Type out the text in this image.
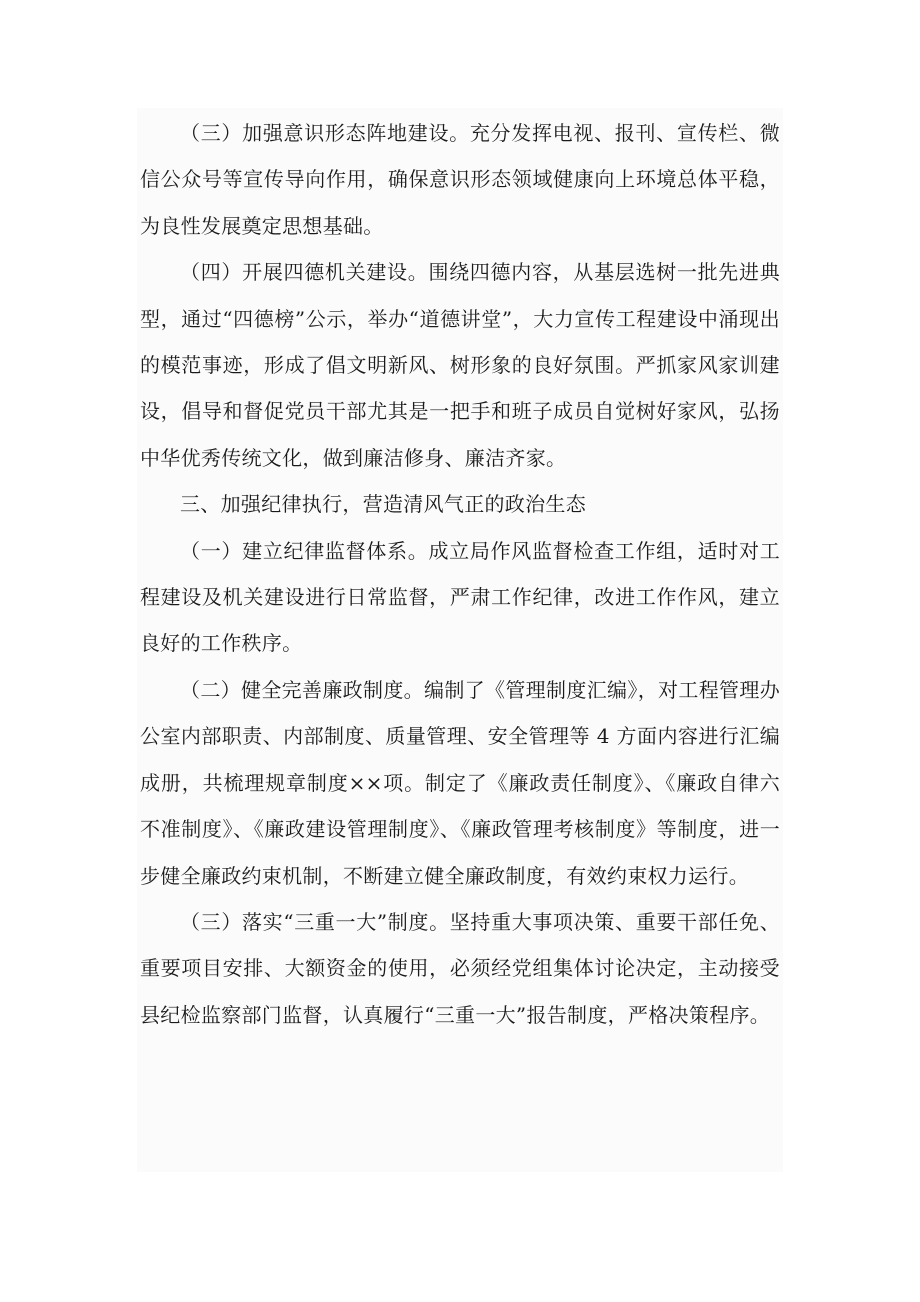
（三）加强意识形态阵地建设。充分发挥电视、报刊、宣传栏、微信公众号等宣传导向作用，确保意识形态领域健康向上环境总体平稳，为良性发展奠定思想基础。

（四）开展四德机关建设。围绕四德内容，从基层选树一批先进典型，通过“四德榜”公示，举办“道德讲堂”，大力宣传工程建设中涌现出的模范事迹，形成了倡文明新风、树形象的良好氛围。严抓家风家训建设，倡导和督促党员干部尤其是一把手和班子成员自觉树好家风，弘扬中华优秀传统文化，做到廉洁修身、廉洁齐家。

三、加强纪律执行，营造清风气正的政治生态

（一）建立纪律监督体系。成立局作风监督检查工作组，适时对工程建设及机关建设进行日常监督，严肃工作纪律，改进工作作风，建立良好的工作秩序。

（二）健全完善廉政制度。编制了《管理制度汇编》，对工程管理办公室内部职责、内部制度、质量管理、安全管理等 4 方面内容进行汇编成册，共梳理规章制度××项。制定了《廉政责任制度》、《廉政自律六不准制度》、《廉政建设管理制度》、《廉政管理考核制度》等制度，进一步健全廉政约束机制，不断建立健全廉政制度，有效约束权力运行。

（三）落实“三重一大”制度。坚持重大事项决策、重要干部任免、重要项目安排、大额资金的使用，必须经党组集体讨论决定，主动接受县纪检监察部门监督，认真履行“三重一大”报告制度，严格决策程序。
